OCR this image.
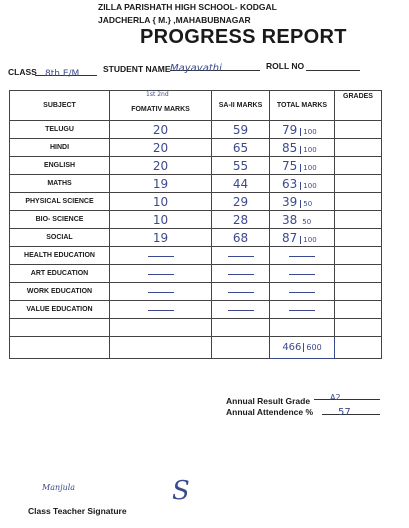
ZILLA PARISHATH HIGH SCHOOL- KODGAL
JADCHERLA { M.} ,MAHABUBNAGAR
PROGRESS REPORT
CLASS 8th E/M	STUDENT NAME Mayavathi	ROLL NO
SUBJECT	1st 2nd
FOMATIV MARKS	SA-II MARKS	TOTAL MARKS	GRADES
TELUGU	20	59	79 100	
HINDI	20	65	85 100	
ENGLISH	20	55	75 100	
MATHS	19	44	63 100	
PHYSICAL SCIENCE	10	29	39 50	
BIO- SCIENCE	10	28	38 50	
SOCIAL	19	68	87 100	
HEALTH EDUCATION				
ART EDUCATION				
WORK EDUCATION				
VALUE EDUCATION				

			466 600	
Annual Result Grade	A2
Annual Attendence %	57
Manjula	S
Class Teacher Signature
